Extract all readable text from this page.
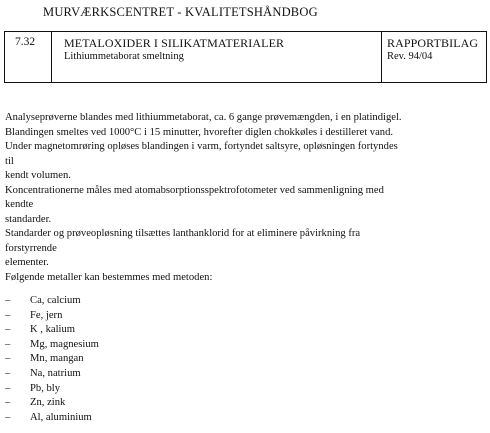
MURVÆRKSCENTRET - KVALITETSHÅNDBOG
7.32	METALOXIDER I SILIKATMATERIALER
Lithiummetaborat smeltning
RAPPORTBILAG
Rev. 94/04
Analyseprøverne blandes med lithiummetaborat, ca. 6 gange prøvemængden, i en platindigel.
Blandingen smeltes ved 1000°C i 15 minutter, hvorefter diglen chokkøles i destilleret vand.
Under magnetomrøring opløses blandingen i varm, fortyndet saltsyre, opløsningen fortyndes
til
kendt volumen.
Koncentrationerne måles med atomabsorptionsspektrofotometer ved sammenligning med
kendte
standarder.
Standarder og prøveopløsning tilsættes lanthanklorid for at eliminere påvirkning fra
forstyrrende
elementer.
Følgende metaller kan bestemmes med metoden:
– Ca, calcium
– Fe, jern
– K , kalium
– Mg, magnesium
– Mn, mangan
– Na, natrium
– Pb, bly
– Zn, zink
– Al, aluminium
